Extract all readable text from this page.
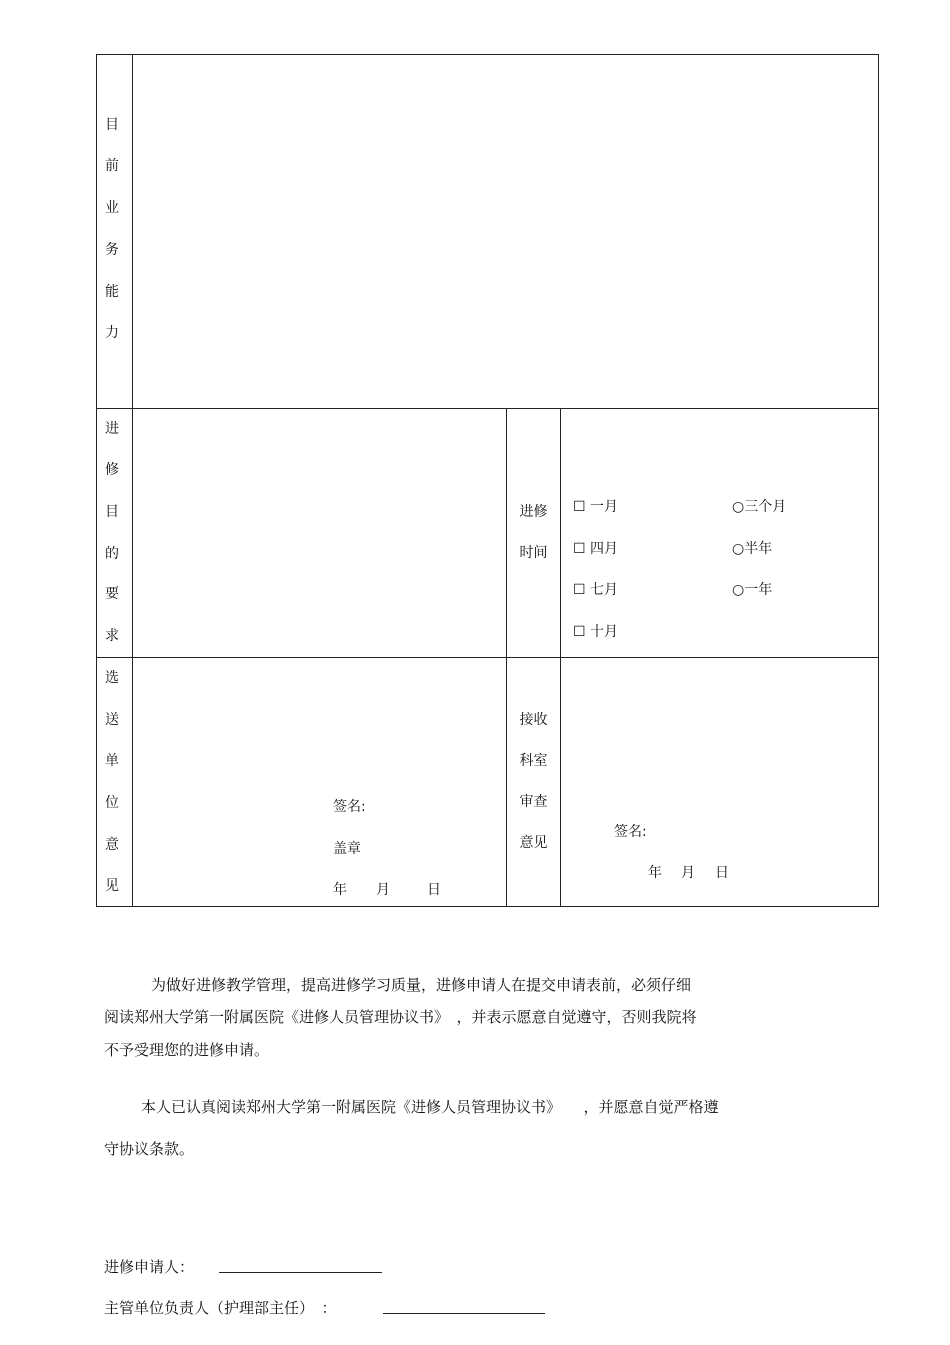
目
前
业
务
能
力
进
修
目
的
要
求
进修
时间
☐ 一月
☐ 四月
☐ 七月
☐ 十月
○三个月
○半年
○一年
选
送
单
位
意
见
签名:
盖章
年 月	日
接收
科室
审查
意见
签名:
年 月 日
为做好进修教学管理，提高进修学习质量，进修申请人在提交申请表前，必须仔细
阅读郑州大学第一附属医院《进修人员管理协议书》　，并表示愿意自觉遵守，否则我院将
不予受理您的进修申请。
本人已认真阅读郑州大学第一附属医院《进修人员管理协议书》　　，并愿意自觉严格遵
守协议条款。
进修申请人：
主管单位负责人（护理部主任）　：
